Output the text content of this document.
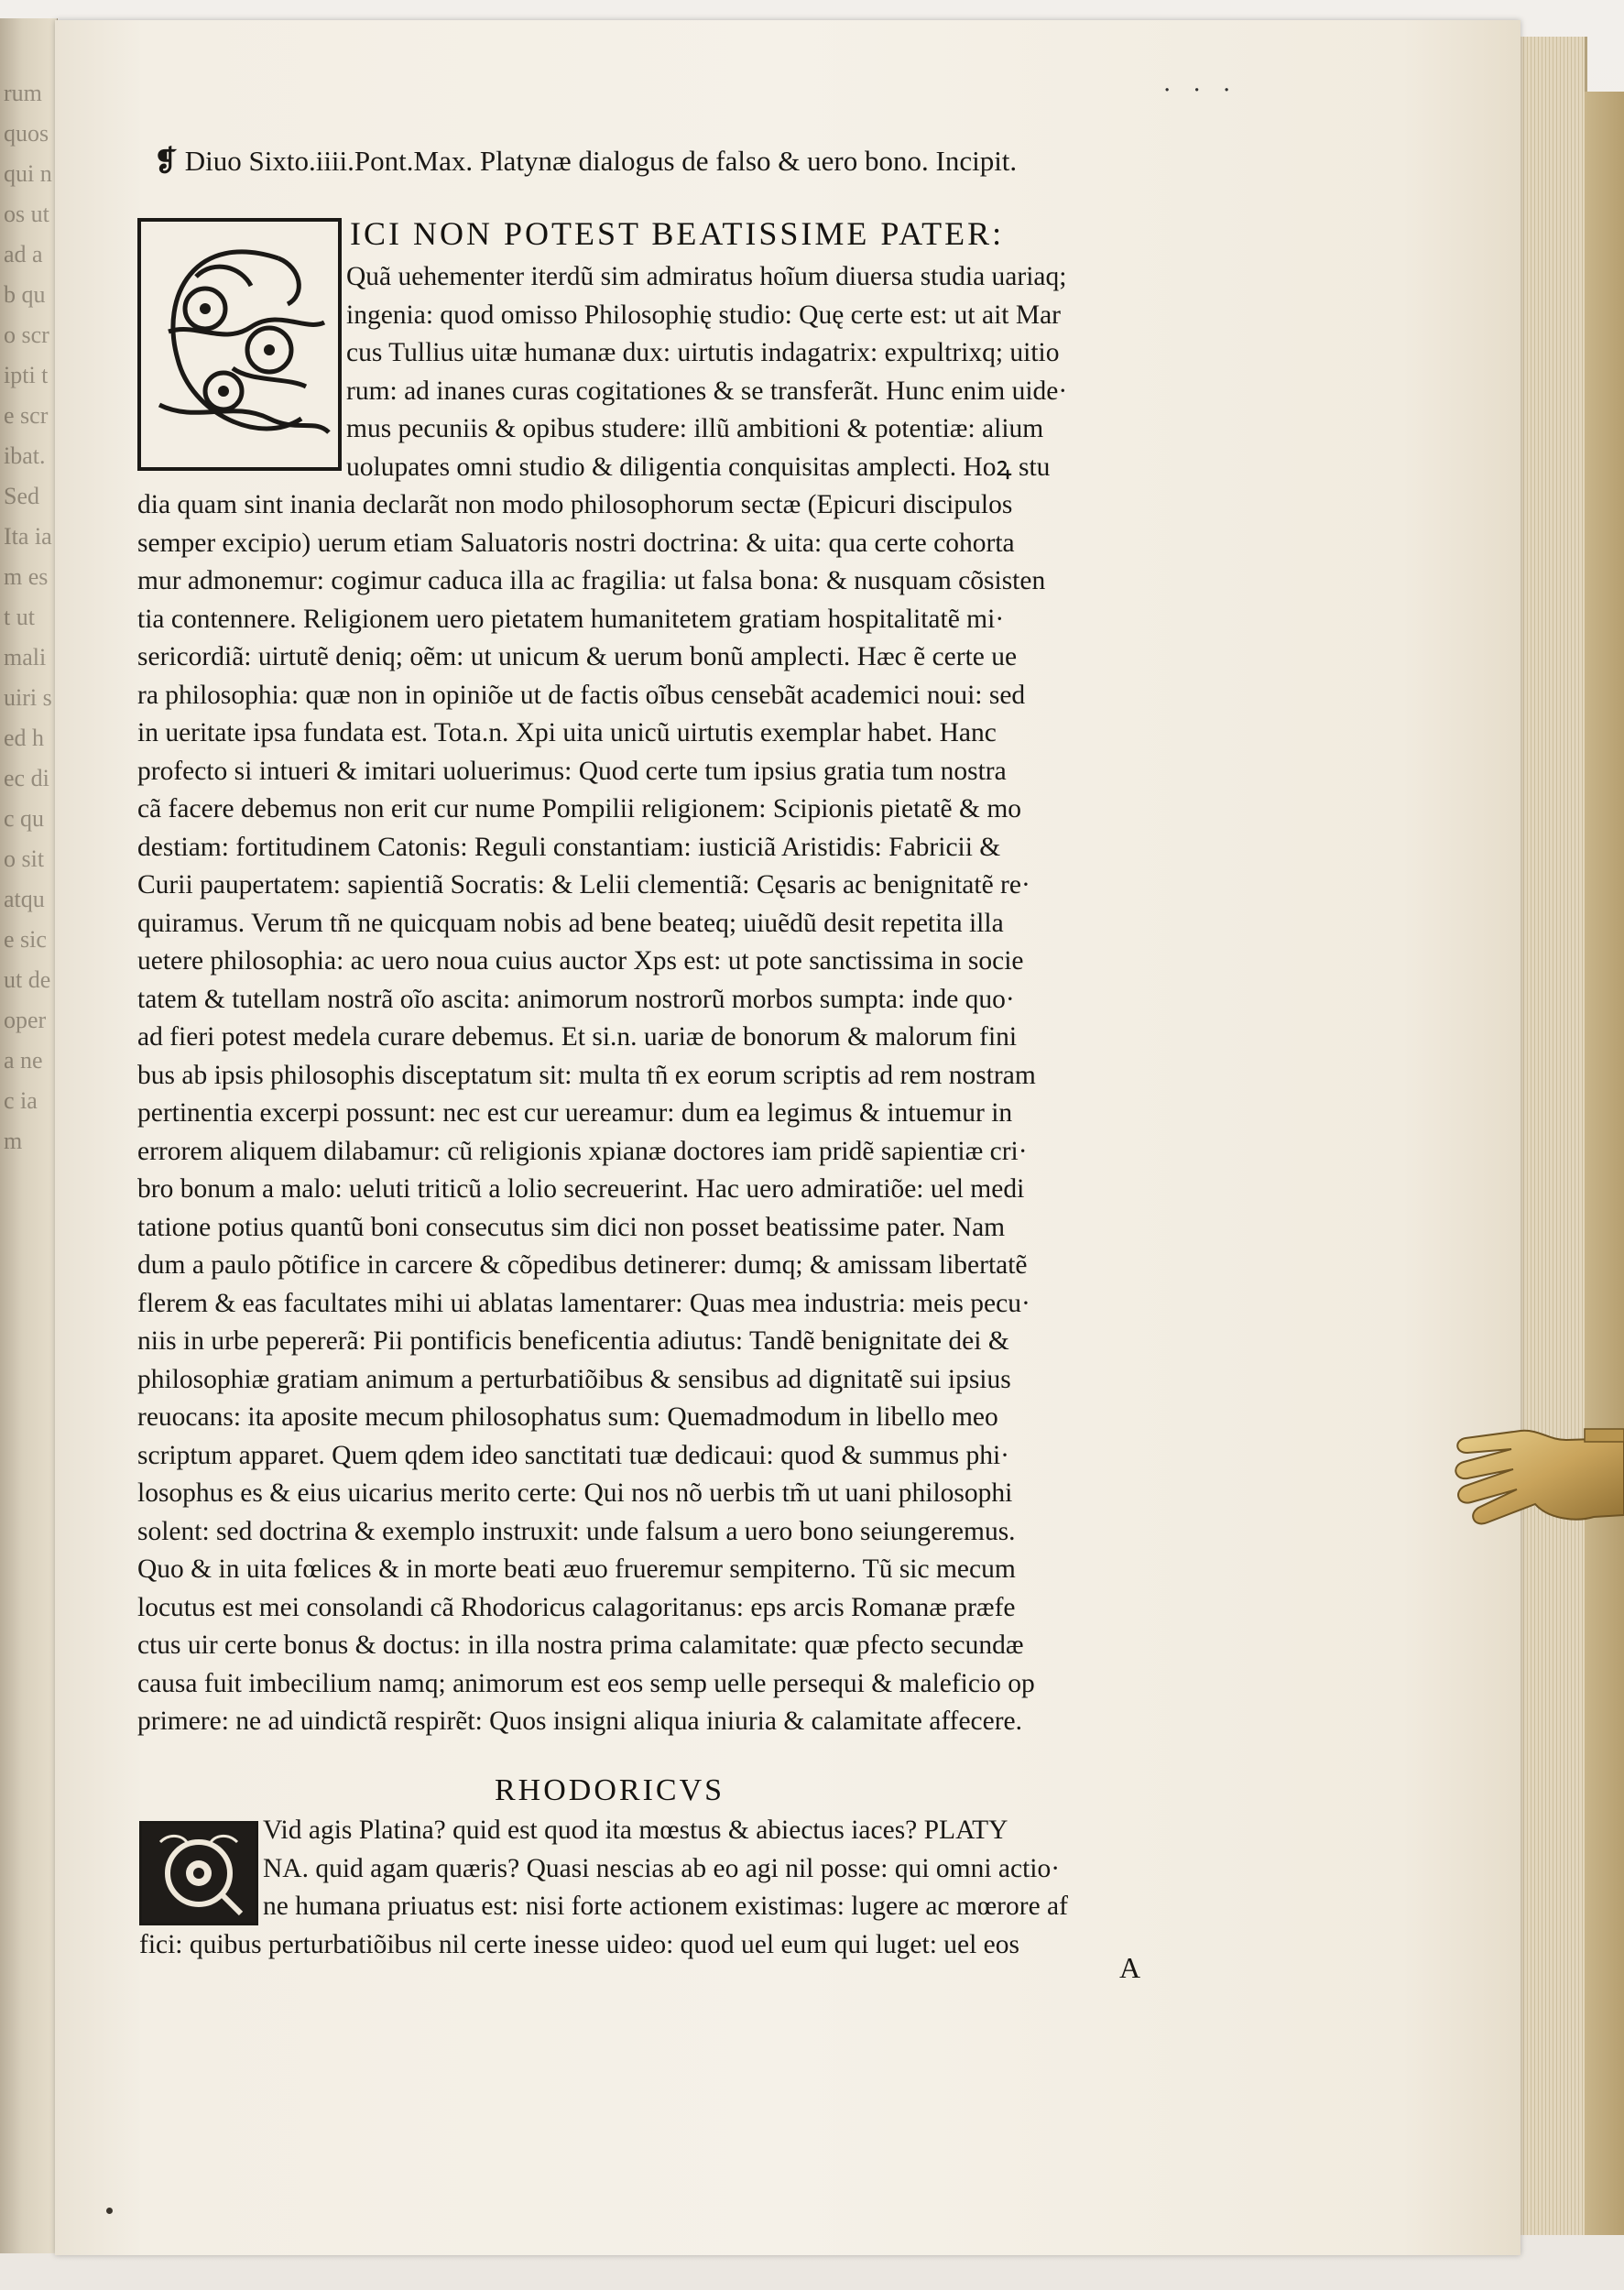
rum quos qui nos ut ad ab quo scripti te scribat. Sed Ita iam est ut mali uiri sed hec dic quo sit atque sic ut de opera nec iam
. . .
❡ Diuo Sixto.iiii.Pont.Max. Platynæ dialogus de falso & uero bono. Incipit.
ICI NON POTEST BEATISSIME PATER:
Quã uehementer iterdũ sim admiratus hoĩum diuersa studia uariaq;
ingenia: quod omisso Philosophię studio: Quę certe est: ut ait Mar
cus Tullius uitæ humanæ dux: uirtutis indagatrix: expultrixq; uitio
rum: ad inanes curas cogitationes & se transferãt. Hunc enim uide·
mus pecuniis & opibus studere: illũ ambitioni & potentiæ: alium
uolupates omni studio & diligentia conquisitas amplecti. Hoꝝ stu
dia quam sint inania declarãt non modo philosophorum sectæ (Epicuri discipulos
semper excipio) uerum etiam Saluatoris nostri doctrina: & uita: qua certe cohorta
mur admonemur: cogimur caduca illa ac fragilia: ut falsa bona: & nusquam cõsisten
tia contennere. Religionem uero pietatem humanitetem gratiam hospitalitatẽ mi·
sericordiã: uirtutẽ deniq; oẽm: ut unicum & uerum bonũ amplecti. Hæc ẽ certe ue
ra philosophia: quæ non in opiniõe ut de factis oĩbus censebãt academici noui: sed
in ueritate ipsa fundata est. Tota.n. Xpi uita unicũ uirtutis exemplar habet. Hanc
profecto si intueri & imitari uoluerimus: Quod certe tum ipsius gratia tum nostra
cã facere debemus non erit cur nume Pompilii religionem: Scipionis pietatẽ & mo
destiam: fortitudinem Catonis: Reguli constantiam: iusticiã Aristidis: Fabricii &
Curii paupertatem: sapientiã Socratis: & Lelii clementiã: Cęsaris ac benignitatẽ re·
quiramus. Verum tñ ne quicquam nobis ad bene beateq; uiuẽdũ desit repetita illa
uetere philosophia: ac uero noua cuius auctor Xps est: ut pote sanctissima in socie
tatem & tutellam nostrã oĩo ascita: animorum nostrorũ morbos sumpta: inde quo·
ad fieri potest medela curare debemus. Et si.n. uariæ de bonorum & malorum fini
bus ab ipsis philosophis disceptatum sit: multa tñ ex eorum scriptis ad rem nostram
pertinentia excerpi possunt: nec est cur uereamur: dum ea legimus & intuemur in
errorem aliquem dilabamur: cũ religionis xpianæ doctores iam pridẽ sapientiæ cri·
bro bonum a malo: ueluti triticũ a lolio secreuerint. Hac uero admiratiõe: uel medi
tatione potius quantũ boni consecutus sim dici non posset beatissime pater. Nam
dum a paulo põtifice in carcere & cõpedibus detinerer: dumq; & amissam libertatẽ
flerem & eas facultates mihi ui ablatas lamentarer: Quas mea industria: meis pecu·
niis in urbe pepererã: Pii pontificis beneficentia adiutus: Tandẽ benignitate dei &
philosophiæ gratiam animum a perturbatiõibus & sensibus ad dignitatẽ sui ipsius
reuocans: ita aposite mecum philosophatus sum: Quemadmodum in libello meo
scriptum apparet. Quem qdem ideo sanctitati tuæ dedicaui: quod & summus phi·
losophus es & eius uicarius merito certe: Qui nos nõ uerbis tm̃ ut uani philosophi
solent: sed doctrina & exemplo instruxit: unde falsum a uero bono seiungeremus.
Quo & in uita fœlices & in morte beati æuo frueremur sempiterno. Tũ sic mecum
locutus est mei consolandi cã Rhodoricus calagoritanus: eps arcis Romanæ præfe
ctus uir certe bonus & doctus: in illa nostra prima calamitate: quæ pfecto secundæ
causa fuit imbecilium namq; animorum est eos semp uelle persequi & maleficio op
primere: ne ad uindictã respirẽt: Quos insigni aliqua iniuria & calamitate affecere.
RHODORICVS
Vid agis Platina? quid est quod ita mœstus & abiectus iaces? PLATY
NA. quid agam quæris? Quasi nescias ab eo agi nil posse: qui omni actio·
ne humana priuatus est: nisi forte actionem existimas: lugere ac mœrore af
fici: quibus perturbatiõibus nil certe inesse uideo: quod uel eum qui luget: uel eos
A
